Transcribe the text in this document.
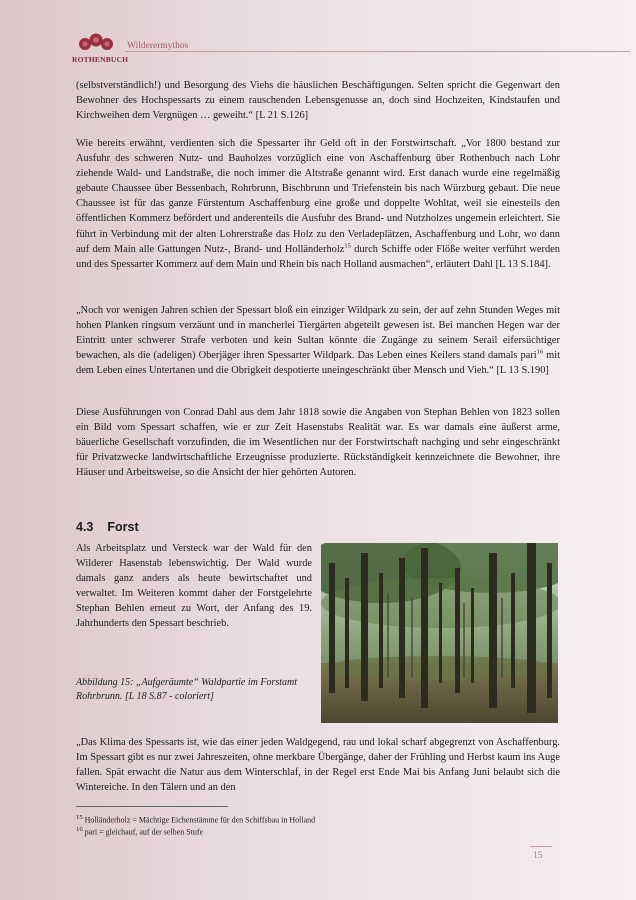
ROTHENBUCH
Wilderermythos

(selbstverständlich!) und Besorgung des Viehs die häuslichen Beschäftigungen. Selten spricht die Gegenwart den Bewohner des Hochspessarts zu einem rauschenden Lebensgenusse an, doch sind Hochzeiten, Kindstaufen und Kirchweihen dem Vergnügen … geweiht.“ [L 21 S.126]

Wie bereits erwähnt, verdienten sich die Spessarter ihr Geld oft in der Forstwirtschaft. „Vor 1800 bestand zur Ausfuhr des schweren Nutz- und Bauholzes vorzüglich eine von Aschaffenburg über Rothenbuch nach Lohr ziehende Wald- und Landstraße, die noch immer die Altstraße genannt wird. Erst danach wurde eine regelmäßig gebaute Chaussee über Bessenbach, Rohrbrunn, Bischbrunn und Triefenstein bis nach Würzburg gebaut. Die neue Chaussee ist für das ganze Fürstentum Aschaffenburg eine große und doppelte Wohltat, weil sie einesteils den öffentlichen Kommerz befördert und anderenteils die Ausfuhr des Brand- und Nutzholzes ungemein erleichtert. Sie führt in Verbindung mit der alten Lohrerstraße das Holz zu den Verladeplätzen, Aschaffenburg und Lohr, wo dann auf dem Main alle Gattungen Nutz-, Brand- und Holländerholz$^{15}$ durch Schiffe oder Flöße weiter verführt werden und des Spessarter Kommerz auf dem Main und Rhein bis nach Holland ausmachen“, erläutert Dahl [L 13 S.184].

„Noch vor wenigen Jahren schien der Spessart bloß ein einziger Wildpark zu sein, der auf zehn Stunden Weges mit hohen Planken ringsum verzäunt und in mancherlei Tiergärten abgeteilt gewesen ist. Bei manchen Hegen war der Eintritt unter schwerer Strafe verboten und kein Sultan könnte die Zugänge zu seinem Serail eifersüchtiger bewachen, als die (adeligen) Oberjäger ihren Spessarter Wildpark. Das Leben eines Keilers stand damals pari$^{16}$ mit dem Leben eines Untertanen und die Obrigkeit despotierte uneingeschränkt über Mensch und Vieh.“ [L 13 S.190]

Diese Ausführungen von Conrad Dahl aus dem Jahr 1818 sowie die Angaben von Stephan Behlen von 1823 sollen ein Bild vom Spessart schaffen, wie er zur Zeit Hasenstabs Realität war. Es war damals eine äußerst arme, bäuerliche Gesellschaft vorzufinden, die im Wesentlichen nur der Forstwirtschaft nachging und sehr eingeschränkt für Privatzwecke landwirtschaftliche Erzeugnisse produzierte. Rückständigkeit kennzeichnete die Bewohner, ihre Häuser und Arbeitsweise, so die Ansicht der hier gehörten Autoren.

4.3 Forst

Als Arbeitsplatz und Versteck war der Wald für den Wilderer Hasenstab lebenswichtig. Der Wald wurde damals ganz anders als heute bewirtschaftet und verwaltet. Im Weiteren kommt daher der Forstgelehrte Stephan Behlen erneut zu Wort, der Anfang des 19. Jahrhunderts den Spessart beschrieb.

Abbildung 15: „Aufgeräumte“ Waldpartie im Forstamt Rohrbrunn. [L 18 S.87 - coloriert]

„Das Klima des Spessarts ist, wie das einer jeden Waldgegend, rau und lokal scharf abgegrenzt von Aschaffenburg. Im Spessart gibt es nur zwei Jahreszeiten, ohne merkbare Übergänge, daher der Frühling und Herbst kaum ins Auge fallen. Spät erwacht die Natur aus dem Winterschlaf, in der Regel erst Ende Mai bis Anfang Juni belaubt sich die Wintereiche. In den Tälern und an den

$^{15}$ Holländerholz = Mächtige Eichenstämme für den Schiffsbau in Holland

$^{16}$ pari = gleichauf, auf der selben Stufe

15
